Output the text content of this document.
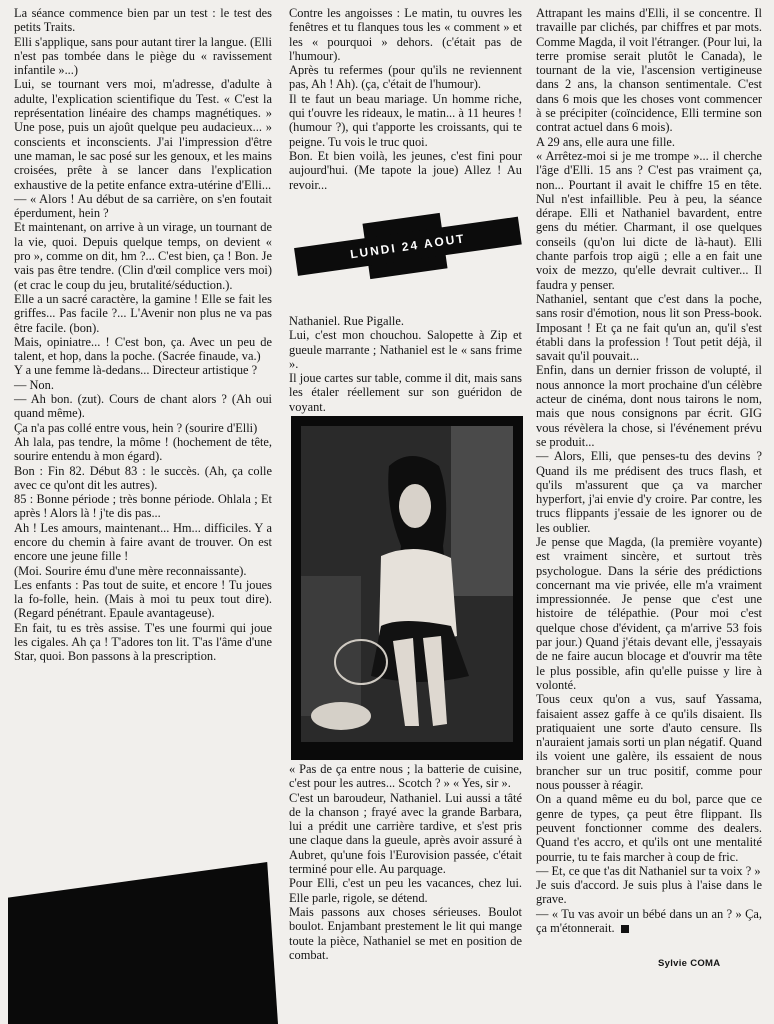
La séance commence bien par un test : le test des petits Traits.

Elli s'applique, sans pour autant tirer la langue. (Elli n'est pas tombée dans le piège du « ravissement infantile »...)

Lui, se tournant vers moi, m'adresse, d'adulte à adulte, l'explication scientifique du Test. « C'est la représentation linéaire des champs magnétiques. » Une pose, puis un ajoût quelque peu audacieux... » conscients et inconscients. J'ai l'impression d'être une maman, le sac posé sur les genoux, et les mains croisées, prête à se lancer dans l'explication exhaustive de la petite enfance extra-utérine d'Elli...

— « Alors ! Au début de sa carrière, on s'en foutait éperdument, hein ?

Et maintenant, on arrive à un virage, un tournant de la vie, quoi. Depuis quelque temps, on devient « pro », comme on dit, hm ?... C'est bien, ça ! Bon. Je vais pas être tendre. (Clin d'œil complice vers moi) (et crac le coup du jeu, brutalité/séduction.).

Elle a un sacré caractère, la gamine ! Elle se fait les griffes... Pas facile ?... L'Avenir non plus ne va pas être facile. (bon).

Mais, opiniatre... ! C'est bon, ça. Avec un peu de talent, et hop, dans la poche. (Sacrée finaude, va.)

Y a une femme là-dedans... Directeur artistique ?

— Non.

— Ah bon. (zut). Cours de chant alors ? (Ah oui quand même).

Ça n'a pas collé entre vous, hein ? (sourire d'Elli)

Ah lala, pas tendre, la môme ! (hochement de tête, sourire entendu à mon égard).

Bon : Fin 82. Début 83 : le succès. (Ah, ça colle avec ce qu'ont dit les autres).

85 : Bonne période ; très bonne période. Ohlala ; Et après ! Alors là ! j'te dis pas...

Ah ! Les amours, maintenant... Hm... difficiles. Y a encore du chemin à faire avant de trouver. On est encore une jeune fille !

(Moi. Sourire ému d'une mère reconnaissante).

Les enfants : Pas tout de suite, et encore ! Tu joues la fo-folle, hein. (Mais à moi tu peux tout dire). (Regard pénétrant. Epaule avantageuse).

En fait, tu es très assise. T'es une fourmi qui joue les cigales. Ah ça ! T'adores ton lit. T'as l'âme d'une Star, quoi. Bon passons à la prescription.

Contre les angoisses : Le matin, tu ouvres les fenêtres et tu flanques tous les « comment » et les « pourquoi » dehors. (c'était pas de l'humour).

Après tu refermes (pour qu'ils ne reviennent pas, Ah ! Ah). (ça, c'était de l'humour).

Il te faut un beau mariage. Un homme riche, qui t'ouvre les rideaux, le matin... à 11 heures ! (humour ?), qui t'apporte les croissants, qui te peigne. Tu vois le truc quoi.

Bon. Et bien voilà, les jeunes, c'est fini pour aujourd'hui. (Me tapote la joue) Allez ! Au revoir...

LUNDI 24 AOUT

Nathaniel. Rue Pigalle.

Lui, c'est mon chouchou. Salopette à Zip et gueule marrante ; Nathaniel est le « sans frime ».

Il joue cartes sur table, comme il dit, mais sans les étaler réellement sur son guéridon de voyant.

« Pas de ça entre nous ; la batterie de cuisine, c'est pour les autres... Scotch ? » « Yes, sir ».

C'est un baroudeur, Nathaniel. Lui aussi a tâté de la chanson ; frayé avec la grande Barbara, lui a prédit une carrière tardive, et s'est pris une claque dans la gueule, après avoir assuré à Aubret, qu'une fois l'Eurovision passée, c'était terminé pour elle. Au parquage.

Pour Elli, c'est un peu les vacances, chez lui. Elle parle, rigole, se détend.

Mais passons aux choses sérieuses. Boulot boulot. Enjambant prestement le lit qui mange toute la pièce, Nathaniel se met en position de combat.

Attrapant les mains d'Elli, il se concentre. Il travaille par clichés, par chiffres et par mots. Comme Magda, il voit l'étranger. (Pour lui, la terre promise serait plutôt le Canada), le tournant de la vie, l'ascension vertigineuse dans 2 ans, la chanson sentimentale. C'est dans 6 mois que les choses vont commencer à se précipiter (coïncidence, Elli termine son contrat actuel dans 6 mois).

A 29 ans, elle aura une fille.

« Arrêtez-moi si je me trompe »... il cherche l'âge d'Elli. 15 ans ? C'est pas vraiment ça, non... Pourtant il avait le chiffre 15 en tête. Nul n'est infaillible. Peu à peu, la séance dérape. Elli et Nathaniel bavardent, entre gens du métier. Charmant, il ose quelques conseils (qu'on lui dicte de là-haut). Elli chante parfois trop aigü ; elle a en fait une voix de mezzo, qu'elle devrait cultiver... Il faudra y penser.

Nathaniel, sentant que c'est dans la poche, sans rosir d'émotion, nous lit son Press-book. Imposant ! Et ça ne fait qu'un an, qu'il s'est établi dans la profession ! Tout petit déjà, il savait qu'il pouvait...

Enfin, dans un dernier frisson de volupté, il nous annonce la mort prochaine d'un célèbre acteur de cinéma, dont nous tairons le nom, mais que nous consignons par écrit. GIG vous révèlera la chose, si l'événement prévu se produit...

— Alors, Elli, que penses-tu des devins ? Quand ils me prédisent des trucs flash, et qu'ils m'assurent que ça va marcher hyperfort, j'ai envie d'y croire. Par contre, les trucs flippants j'essaie de les ignorer ou de les oublier.

Je pense que Magda, (la première voyante) est vraiment sincère, et surtout très psychologue. Dans la série des prédictions concernant ma vie privée, elle m'a vraiment impressionnée. Je pense que c'est une histoire de télépathie. (Pour moi c'est quelque chose d'évident, ça m'arrive 53 fois par jour.) Quand j'étais devant elle, j'essayais de ne faire aucun blocage et d'ouvrir ma tête le plus possible, afin qu'elle puisse y lire à volonté.

Tous ceux qu'on a vus, sauf Yassama, faisaient assez gaffe à ce qu'ils disaient. Ils pratiquaient une sorte d'auto censure. Ils n'auraient jamais sorti un plan négatif. Quand ils voient une galère, ils essaient de nous brancher sur un truc positif, comme pour nous pousser à réagir.

On a quand même eu du bol, parce que ce genre de types, ça peut être flippant. Ils peuvent fonctionner comme des dealers. Quand t'es accro, et qu'ils ont une mentalité pourrie, tu te fais marcher à coup de fric.

— Et, ce que t'as dit Nathaniel sur ta voix ? »

Je suis d'accord. Je suis plus à l'aise dans le grave.

— « Tu vas avoir un bébé dans un an ? » Ça, ça m'étonnerait.

Sylvie COMA
